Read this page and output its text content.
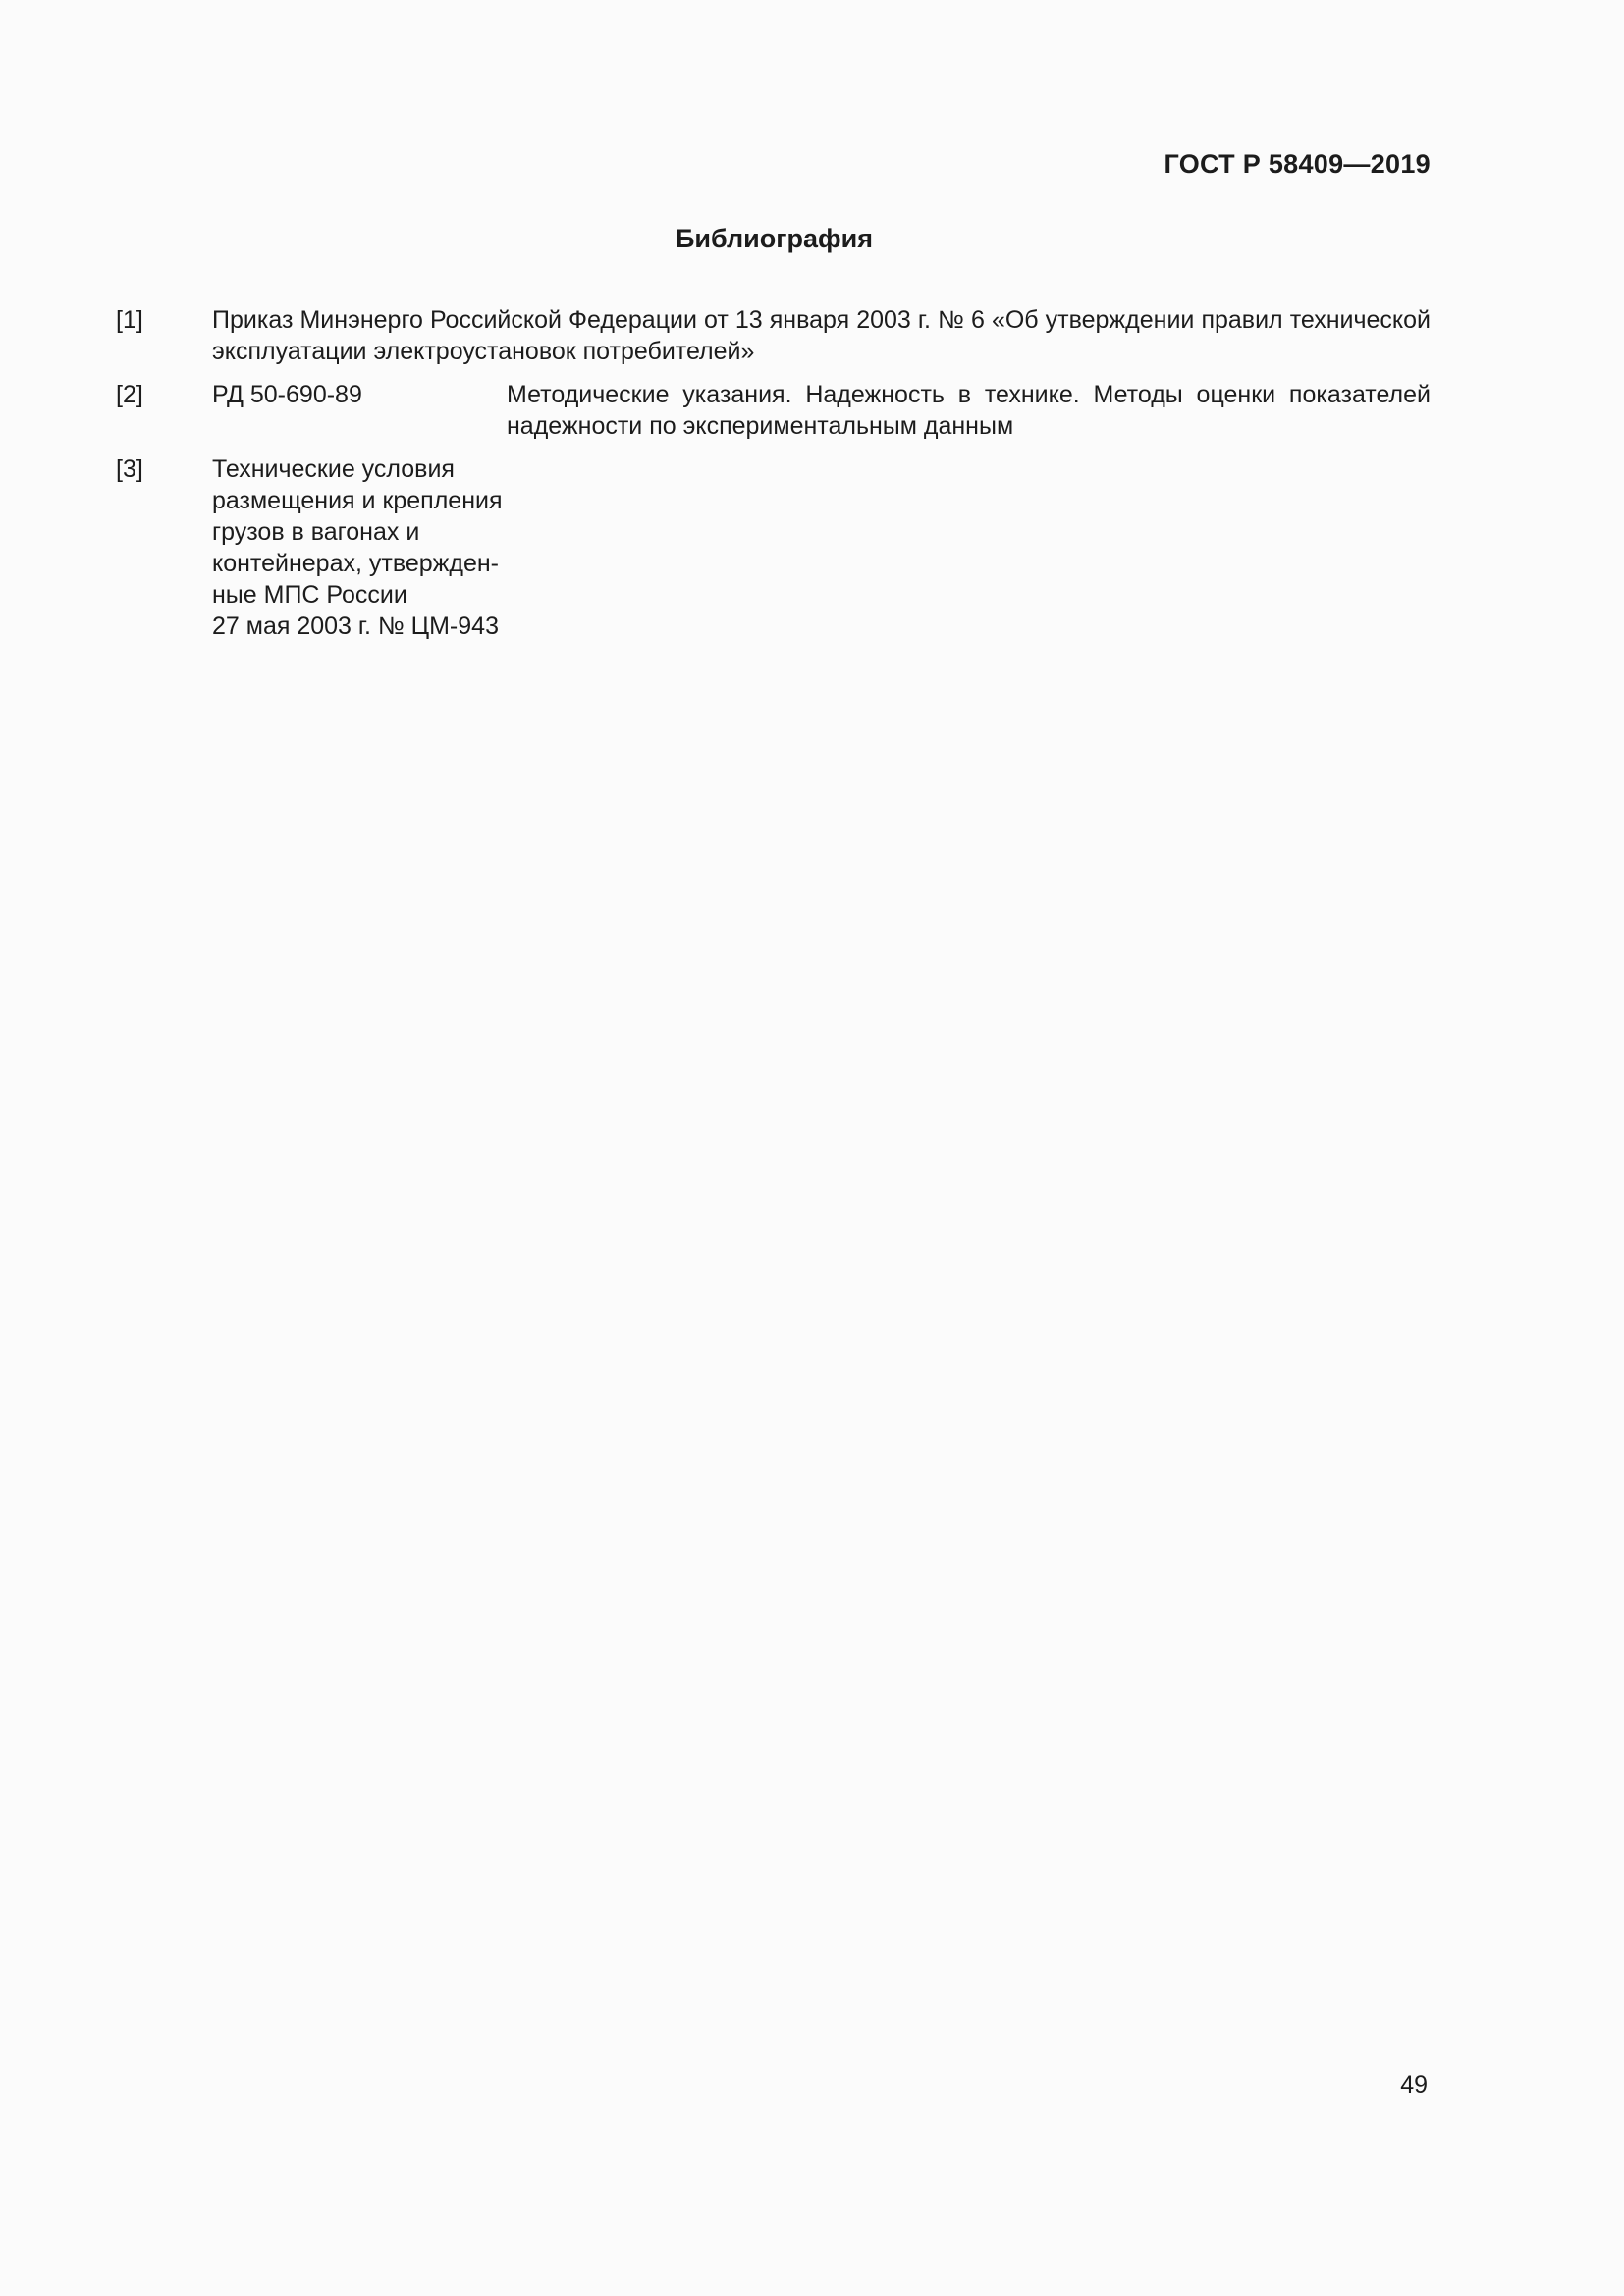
ГОСТ Р 58409—2019
Библиография
[1]	Приказ Минэнерго Российской Федерации от 13 января 2003 г. № 6 «Об утверждении правил технической эксплуатации электроустановок потребителей»
[2]	РД 50-690-89	Методические указания. Надежность в технике. Методы оценки показателей надежности по экспериментальным данным
[3]	Технические условия
размещения и крепления
грузов в вагонах и
контейнерах, утвержден-
ные МПС России
27 мая 2003 г. № ЦМ-943
49
